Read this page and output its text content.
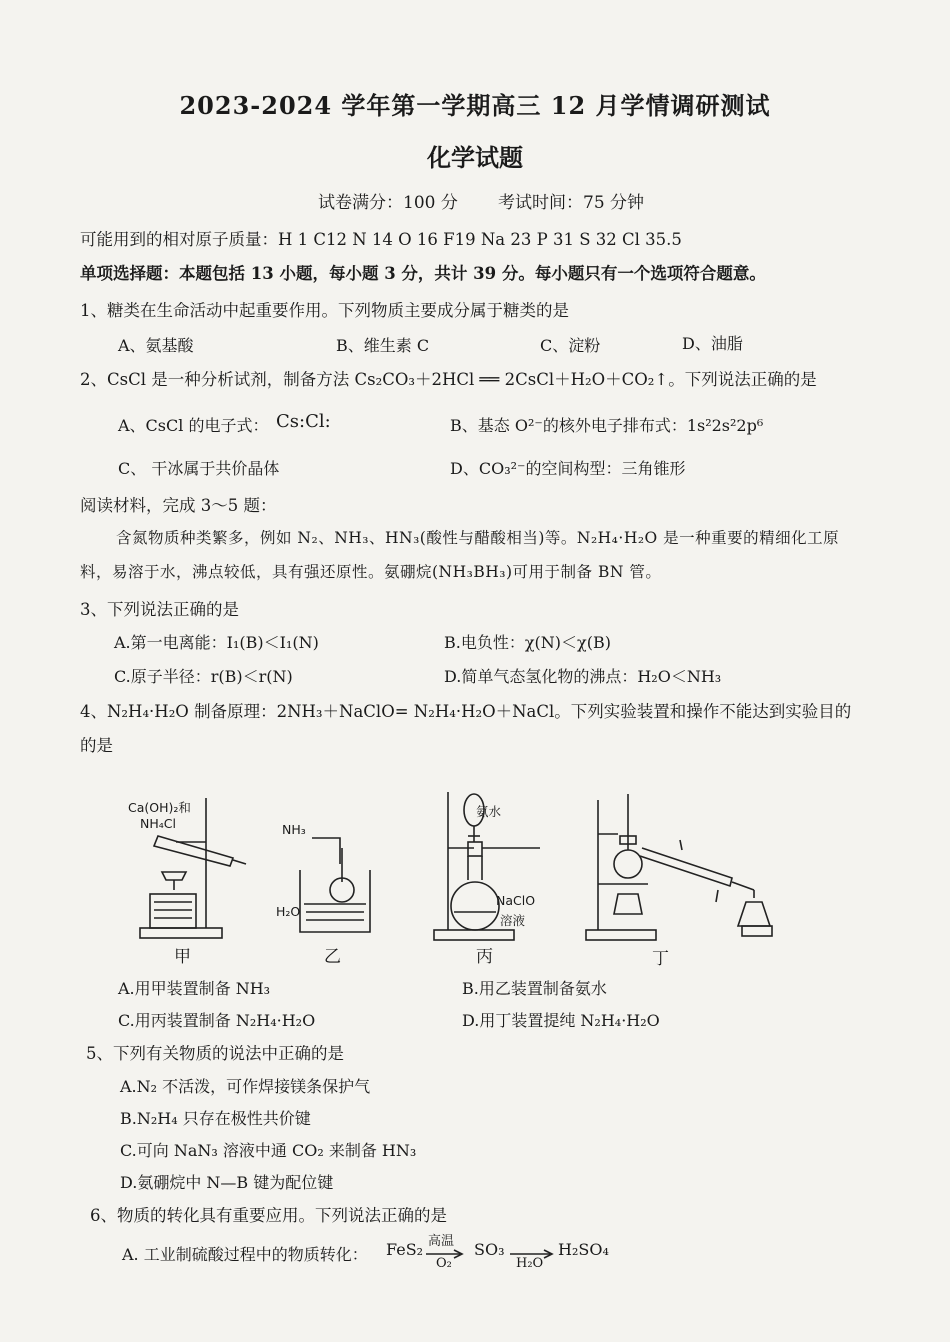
2023-2024 学年第一学期高三 12 月学情调研测试
化学试题
试卷满分：100 分 考试时间：75 分钟
可能用到的相对原子质量：H 1 C12 N 14 O 16 F19 Na 23 P 31 S 32 Cl 35.5
单项选择题：本题包括 13 小题，每小题 3 分，共计 39 分。每小题只有一个选项符合题意。
1、糖类在生命活动中起重要作用。下列物质主要成分属于糖类的是
A、氨基酸	B、维生素 C	C、淀粉	D、油脂
2、CsCl 是一种分析试剂，制备方法 Cs₂CO₃＋2HCl ══ 2CsCl＋H₂O＋CO₂↑。下列说法正确的是
A、CsCl 的电子式： Cs:Cl:	B、基态 O²⁻的核外电子排布式：1s²2s²2p⁶
C、 干冰属于共价晶体	D、CO₃²⁻的空间构型：三角锥形
阅读材料，完成 3～5 题：
含氮物质种类繁多，例如 N₂、NH₃、HN₃(酸性与醋酸相当)等。N₂H₄·H₂O 是一种重要的精细化工原
料，易溶于水，沸点较低，具有强还原性。氨硼烷(NH₃BH₃)可用于制备 BN 管。
3、下列说法正确的是
A.第一电离能：I₁(B)＜I₁(N)	B.电负性：χ(N)＜χ(B)
C.原子半径：r(B)＜r(N)	D.简单气态氢化物的沸点：H₂O＜NH₃
4、N₂H₄·H₂O 制备原理：2NH₃＋NaClO= N₂H₄·H₂O＋NaCl。下列实验装置和操作不能达到实验目的
的是
Ca(OH)₂和
NH₄Cl
甲
NH₃
H₂O
乙
氨水
NaClO
溶液
丙	丁
A.用甲装置制备 NH₃	B.用乙装置制备氨水
C.用丙装置制备 N₂H₄·H₂O	D.用丁装置提纯 N₂H₄·H₂O
5、下列有关物质的说法中正确的是
A.N₂ 不活泼，可作焊接镁条保护气
B.N₂H₄ 只存在极性共价键
C.可向 NaN₃ 溶液中通 CO₂ 来制备 HN₃
D.氨硼烷中 N—B 键为配位键
6、物质的转化具有重要应用。下列说法正确的是
A. 工业制硫酸过程中的物质转化： FeS₂ 高温
O₂
SO₃
H₂O
H₂SO₄
